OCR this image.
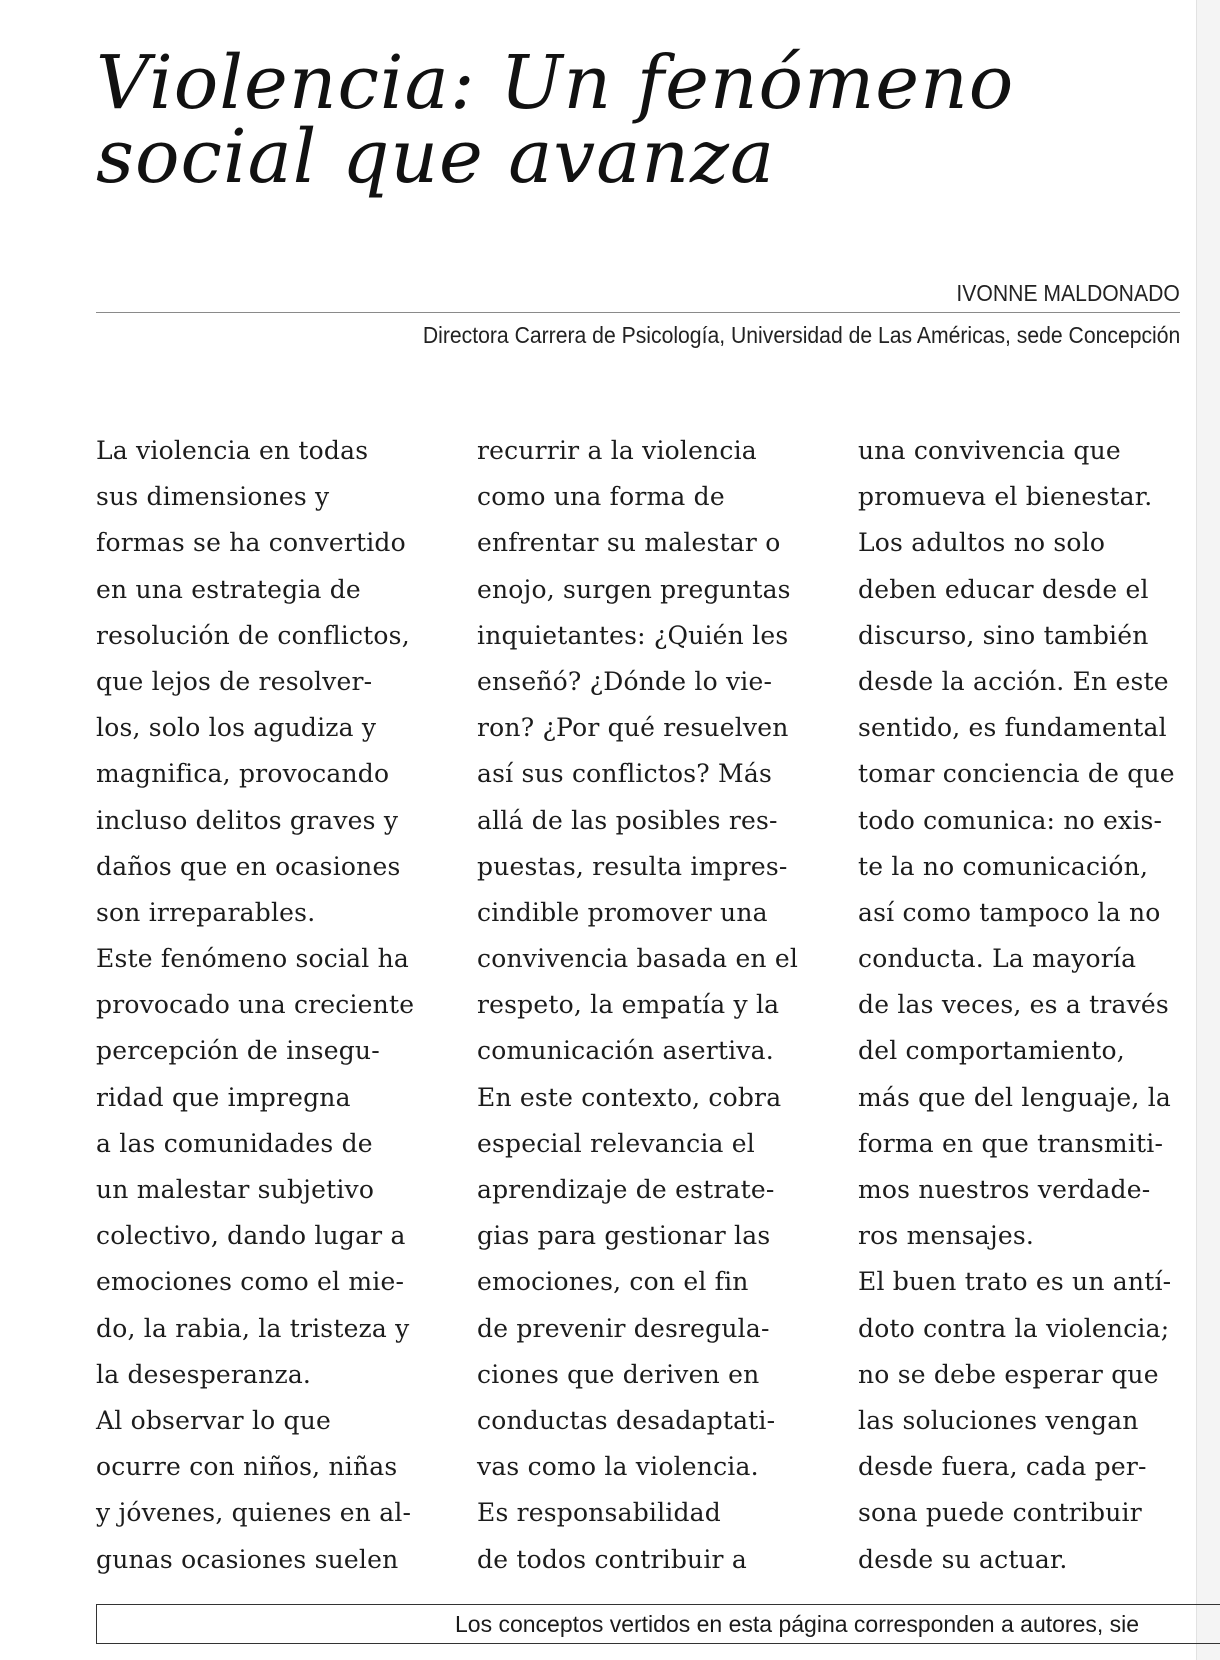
Violencia: Un fenómeno
social que avanza
IVONNE MALDONADO
Directora Carrera de Psicología, Universidad de Las Américas, sede Concepción
La violencia en todas
sus dimensiones y
formas se ha convertido
en una estrategia de
resolución de conflictos,
que lejos de resolver-
los, solo los agudiza y
magnifica, provocando
incluso delitos graves y
daños que en ocasiones
son irreparables.
Este fenómeno social ha
provocado una creciente
percepción de insegu-
ridad que impregna
a las comunidades de
un malestar subjetivo
colectivo, dando lugar a
emociones como el mie-
do, la rabia, la tristeza y
la desesperanza.
Al observar lo que
ocurre con niños, niñas
y jóvenes, quienes en al-
gunas ocasiones suelen
recurrir a la violencia
como una forma de
enfrentar su malestar o
enojo, surgen preguntas
inquietantes: ¿Quién les
enseñó? ¿Dónde lo vie-
ron? ¿Por qué resuelven
así sus conflictos? Más
allá de las posibles res-
puestas, resulta impres-
cindible promover una
convivencia basada en el
respeto, la empatía y la
comunicación asertiva.
En este contexto, cobra
especial relevancia el
aprendizaje de estrate-
gias para gestionar las
emociones, con el fin
de prevenir desregula-
ciones que deriven en
conductas desadaptati-
vas como la violencia.
Es responsabilidad
de todos contribuir a
una convivencia que
promueva el bienestar.
Los adultos no solo
deben educar desde el
discurso, sino también
desde la acción. En este
sentido, es fundamental
tomar conciencia de que
todo comunica: no exis-
te la no comunicación,
así como tampoco la no
conducta. La mayoría
de las veces, es a través
del comportamiento,
más que del lenguaje, la
forma en que transmiti-
mos nuestros verdade-
ros mensajes.
El buen trato es un antí-
doto contra la violencia;
no se debe esperar que
las soluciones vengan
desde fuera, cada per-
sona puede contribuir
desde su actuar.
Los conceptos vertidos en esta página corresponden a autores, sie
